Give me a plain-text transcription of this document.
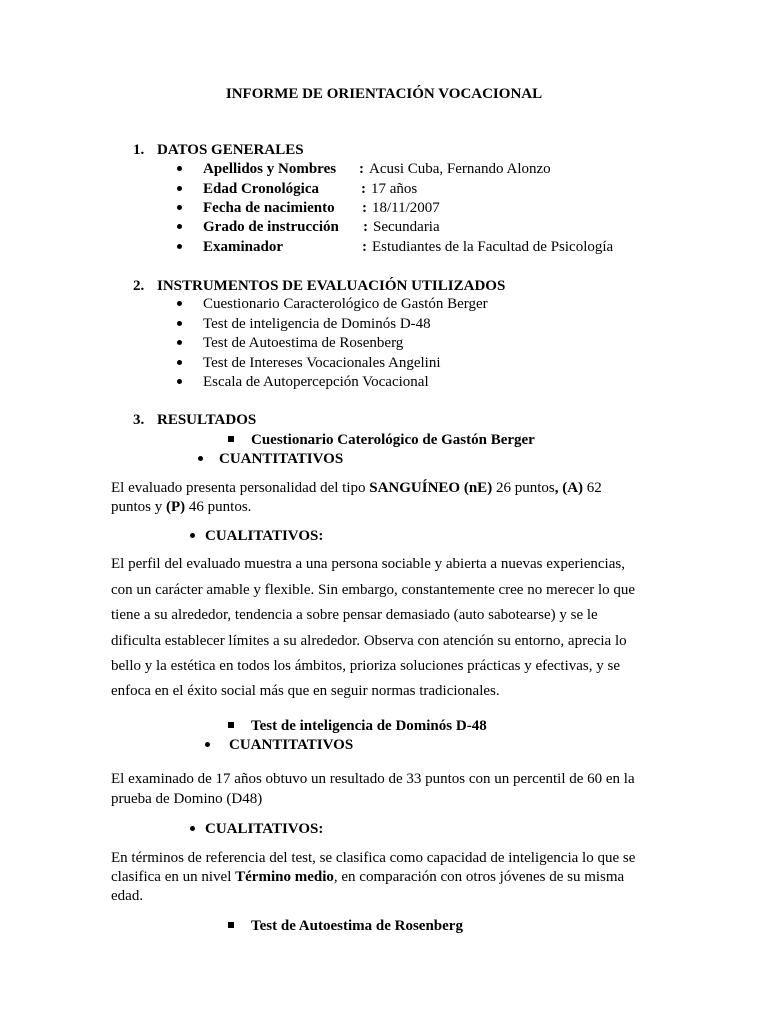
INFORME DE ORIENTACIÓN VOCACIONAL
1. DATOS GENERALES
Apellidos y Nombres : Acusi Cuba, Fernando Alonzo
Edad Cronológica	: 17 años
Fecha de nacimiento : 18/11/2007
Grado de instrucción : Secundaria
Examinador	: Estudiantes de la Facultad de Psicología
2. INSTRUMENTOS DE EVALUACIÓN UTILIZADOS
Cuestionario Caracterológico de Gastón Berger
Test de inteligencia de Dominós D-48
Test de Autoestima de Rosenberg
Test de Intereses Vocacionales Angelini
Escala de Autopercepción Vocacional
3. RESULTADOS
Cuestionario Caterológico de Gastón Berger
CUANTITATIVOS
El evaluado presenta personalidad del tipo SANGUÍNEO (nE) 26 puntos, (A) 62
puntos y (P) 46 puntos.
CUALITATIVOS:
El perfil del evaluado muestra a una persona sociable y abierta a nuevas experiencias,
con un carácter amable y flexible. Sin embargo, constantemente cree no merecer lo que
tiene a su alrededor, tendencia a sobre pensar demasiado (auto sabotearse) y se le
dificulta establecer límites a su alrededor. Observa con atención su entorno, aprecia lo
bello y la estética en todos los ámbitos, prioriza soluciones prácticas y efectivas, y se
enfoca en el éxito social más que en seguir normas tradicionales.
Test de inteligencia de Dominós D-48
CUANTITATIVOS
El examinado de 17 años obtuvo un resultado de 33 puntos con un percentil de 60 en la
prueba de Domino (D48)
CUALITATIVOS:
En términos de referencia del test, se clasifica como capacidad de inteligencia lo que se
clasifica en un nivel Término medio, en comparación con otros jóvenes de su misma
edad.
Test de Autoestima de Rosenberg
